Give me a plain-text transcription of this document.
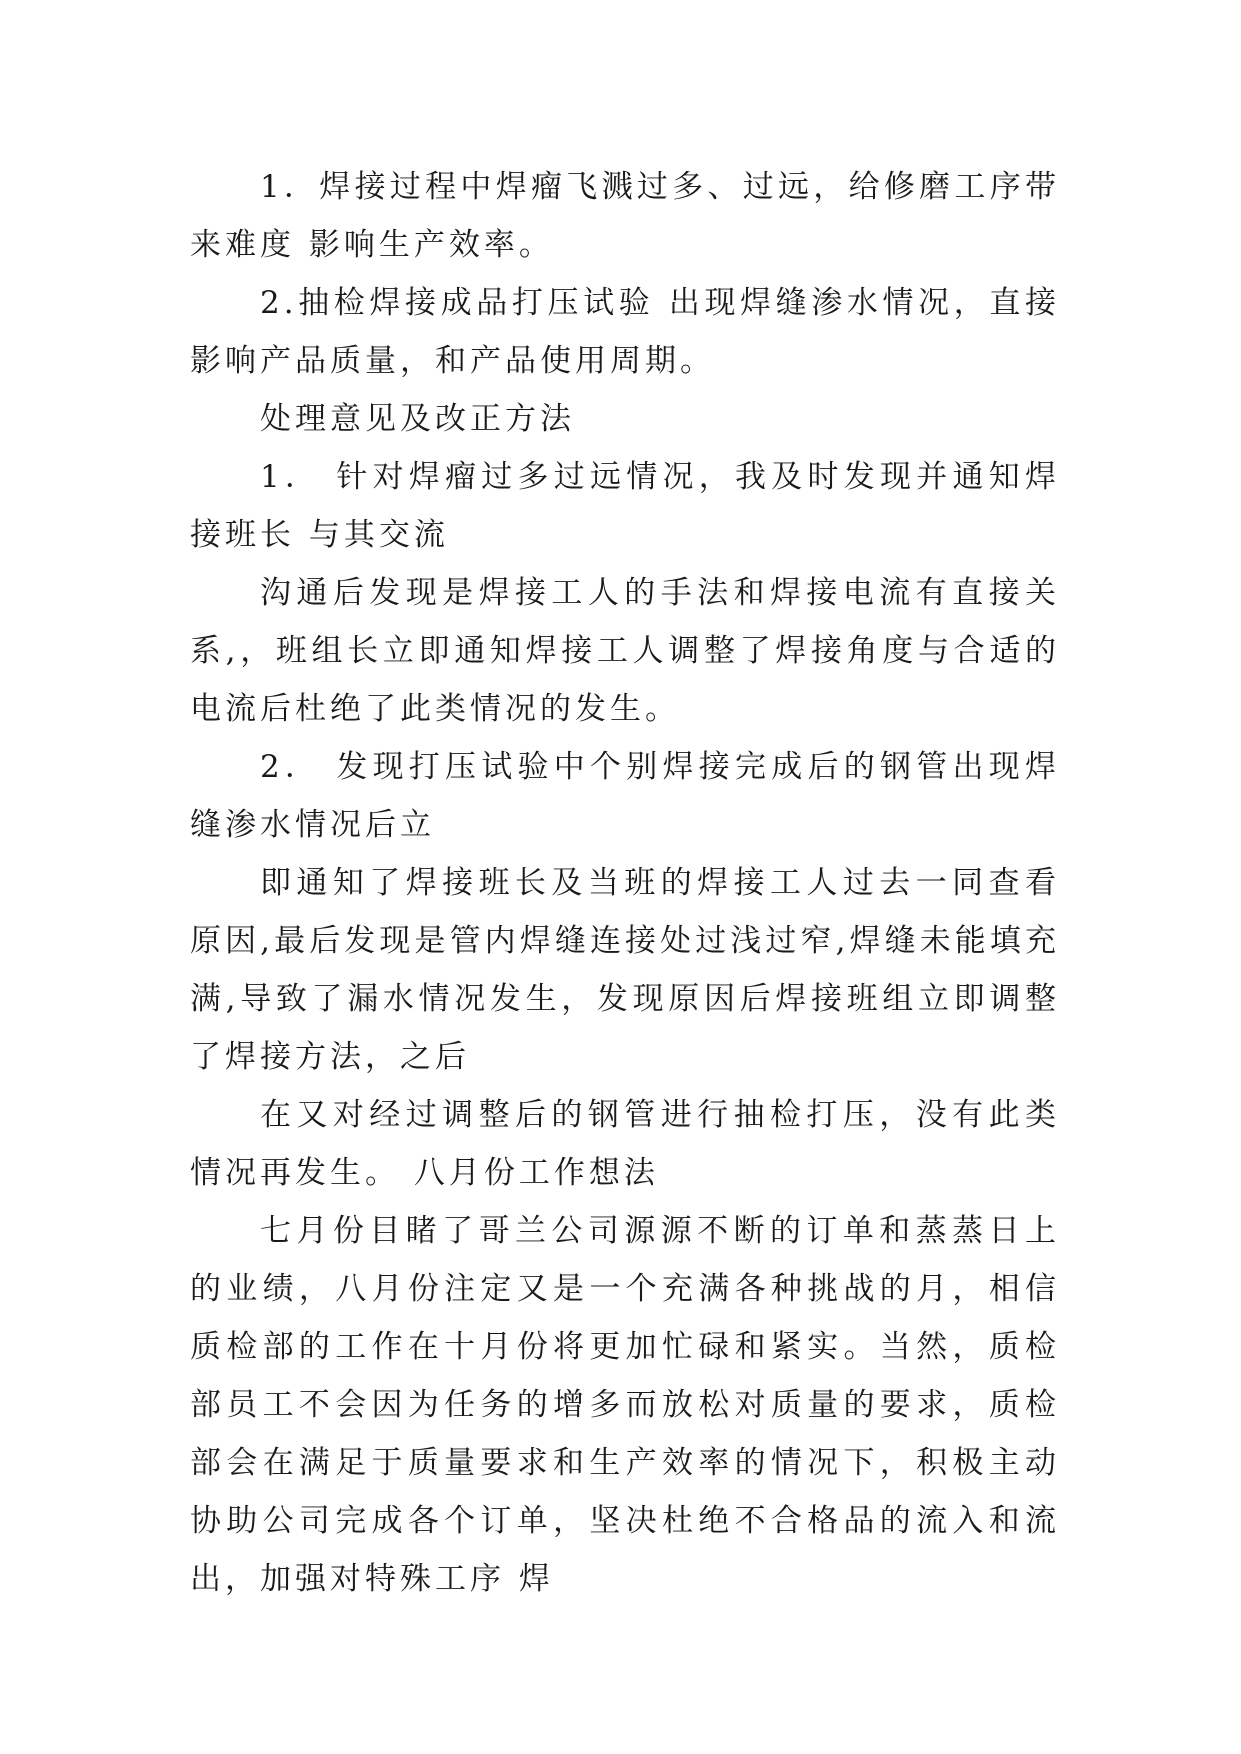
1．焊接过程中焊瘤飞溅过多、过远，给修磨工序带来难度 影响生产效率。

2.抽检焊接成品打压试验 出现焊缝渗水情况，直接影响产品质量，和产品使用周期。

处理意见及改正方法

1． 针对焊瘤过多过远情况，我及时发现并通知焊接班长 与其交流

沟通后发现是焊接工人的手法和焊接电流有直接关系,，班组长立即通知焊接工人调整了焊接角度与合适的电流后杜绝了此类情况的发生。

2． 发现打压试验中个别焊接完成后的钢管出现焊缝渗水情况后立

即通知了焊接班长及当班的焊接工人过去一同查看原因,最后发现是管内焊缝连接处过浅过窄,焊缝未能填充满,导致了漏水情况发生，发现原因后焊接班组立即调整了焊接方法，之后

在又对经过调整后的钢管进行抽检打压，没有此类情况再发生。 八月份工作想法

七月份目睹了哥兰公司源源不断的订单和蒸蒸日上的业绩，八月份注定又是一个充满各种挑战的月，相信质检部的工作在十月份将更加忙碌和紧实。当然，质检部员工不会因为任务的增多而放松对质量的要求，质检部会在满足于质量要求和生产效率的情况下，积极主动协助公司完成各个订单，坚决杜绝不合格品的流入和流出，加强对特殊工序 焊
